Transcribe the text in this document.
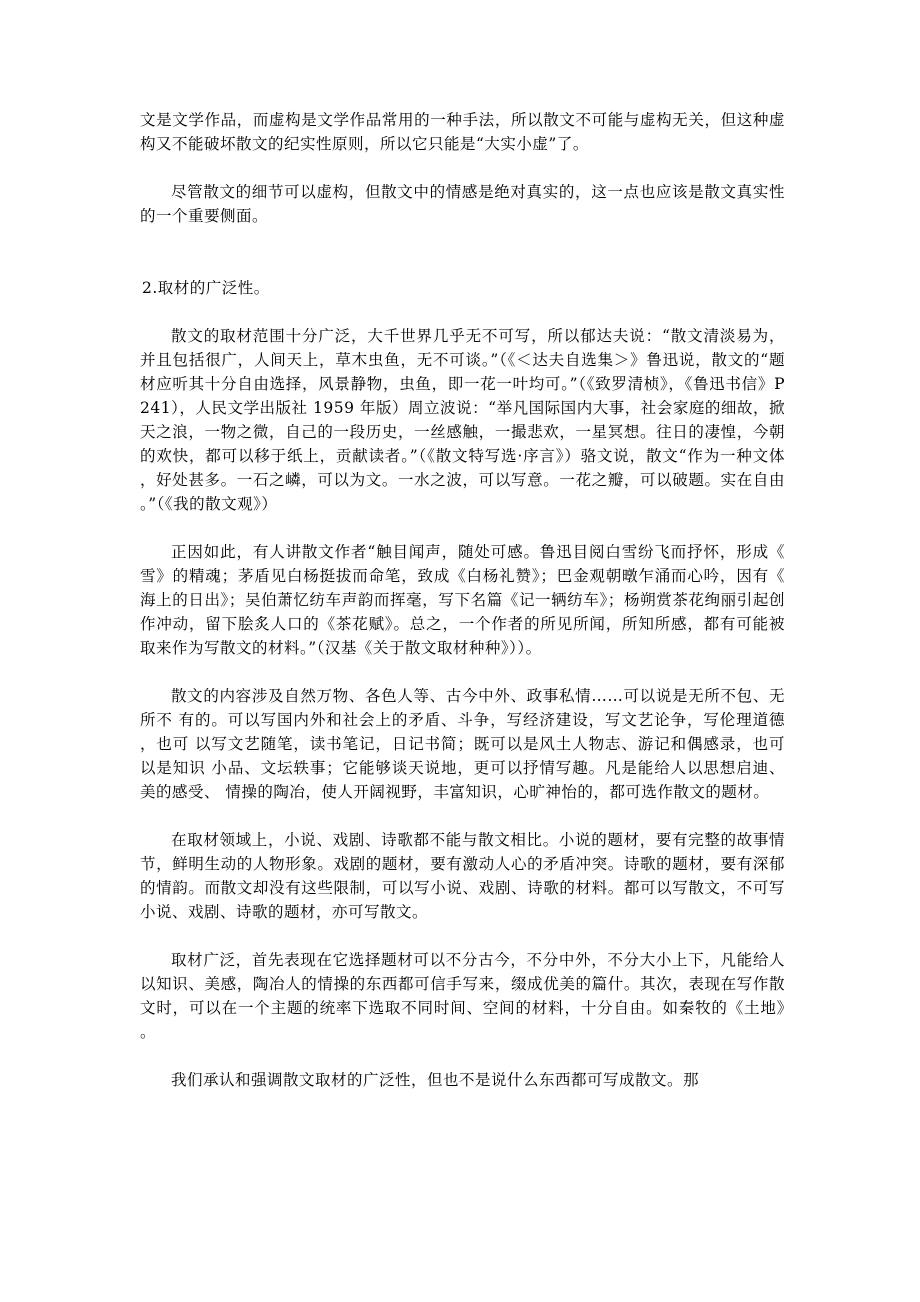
文是文学作品，而虚构是文学作品常用的一种手法，所以散文不可能与虚构无关，但这种虚构又不能破坏散文的纪实性原则，所以它只能是“大实小虚”了。

尽管散文的细节可以虚构，但散文中的情感是绝对真实的，这一点也应该是散文真实性的一个重要侧面。

2.取材的广泛性。

散文的取材范围十分广泛，大千世界几乎无不可写，所以郁达夫说：“散文清淡易为，并且包括很广，人间天上，草木虫鱼，无不可谈。”（《＜达夫自选集＞》鲁迅说，散文的“题材应听其十分自由选择，风景静物，虫鱼，即一花一叶均可。”（《致罗清桢》，《鲁迅书信》P241），人民文学出版社 1959 年版）周立波说：“举凡国际国内大事，社会家庭的细故，掀天之浪，一物之微，自己的一段历史，一丝感触，一撮悲欢，一星冥想。往日的凄惶，今朝的欢快，都可以移于纸上，贡献读者。”（《散文特写选·序言》）骆文说，散文“作为一种文体，好处甚多。一石之嶙，可以为文。一水之波，可以写意。一花之瓣，可以破题。实在自由。”（《我的散文观》）

正因如此，有人讲散文作者“触目闻声，随处可感。鲁迅目阅白雪纷飞而抒怀，形成《雪》的精魂；茅盾见白杨挺拔而命笔，致成《白杨礼赞》；巴金观朝暾乍涌而心吟，因有《海上的日出》；吴伯萧忆纺车声韵而挥毫，写下名篇《记一辆纺车》；杨朔赏茶花绚丽引起创作冲动，留下脍炙人口的《茶花赋》。总之，一个作者的所见所闻，所知所感，都有可能被取来作为写散文的材料。”（汉基《关于散文取材种种》））。

散文的内容涉及自然万物、各色人等、古今中外、政事私情……可以说是无所不包、无所不 有的。可以写国内外和社会上的矛盾、斗争，写经济建设，写文艺论争，写伦理道德，也可 以写文艺随笔，读书笔记，日记书简；既可以是风土人物志、游记和偶感录，也可以是知识 小品、文坛轶事；它能够谈天说地，更可以抒情写趣。凡是能给人以思想启迪、美的感受、 情操的陶冶，使人开阔视野，丰富知识，心旷神怡的，都可选作散文的题材。

在取材领域上，小说、戏剧、诗歌都不能与散文相比。小说的题材，要有完整的故事情节，鲜明生动的人物形象。戏剧的题材，要有激动人心的矛盾冲突。诗歌的题材，要有深郁的情韵。而散文却没有这些限制，可以写小说、戏剧、诗歌的材料。都可以写散文，不可写小说、戏剧、诗歌的题材，亦可写散文。

取材广泛，首先表现在它选择题材可以不分古今，不分中外，不分大小上下，凡能给人以知识、美感，陶冶人的情操的东西都可信手写来，缀成优美的篇什。其次，表现在写作散文时，可以在一个主题的统率下选取不同时间、空间的材料，十分自由。如秦牧的《土地》。

我们承认和强调散文取材的广泛性，但也不是说什么东西都可写成散文。那
